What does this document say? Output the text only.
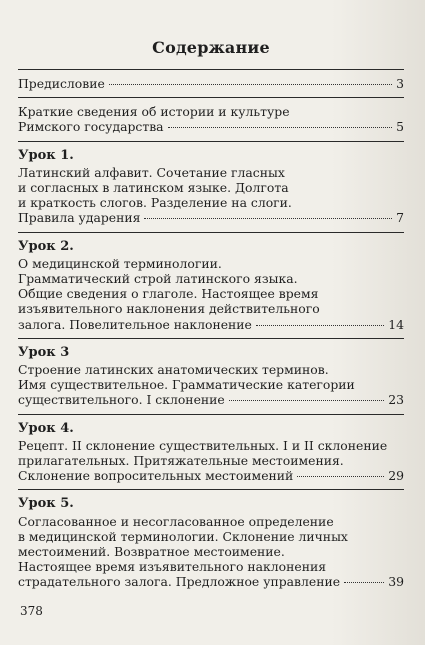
Содержание
Предисловие	3
Краткие сведения об истории и культуре
Римского государства	5
Урок 1.
Латинский алфавит. Сочетание гласных
и согласных в латинском языке. Долгота
и краткость слогов. Разделение на слоги.
Правила ударения	7
Урок 2.
О медицинской терминологии.
Грамматический строй латинского языка.
Общие сведения о глаголе. Настоящее время
изъявительного наклонения действительного
залога. Повелительное наклонение	14
Урок 3
Строение латинских анатомических терминов.
Имя существительное. Грамматические категории
существительного. I склонение	23
Урок 4.
Рецепт. II склонение существительных. I и II склонение
прилагательных. Притяжательные местоимения.
Склонение вопросительных местоимений	29
Урок 5.
Согласованное и несогласованное определение
в медицинской терминологии. Склонение личных
местоимений. Возвратное местоимение.
Настоящее время изъявительного наклонения
страдательного залога. Предложное управление	39
378
